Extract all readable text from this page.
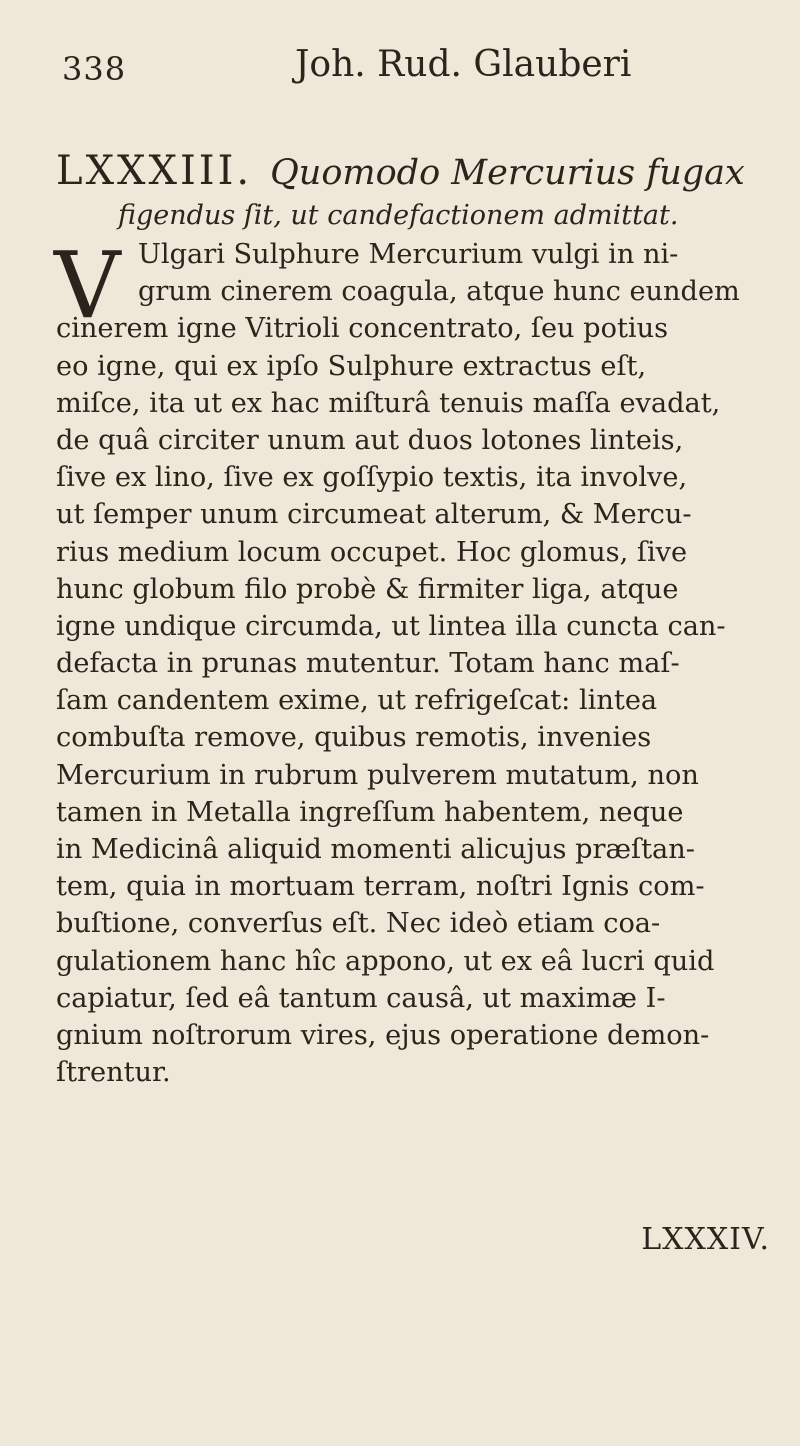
338	Joh. Rud. Glauberi
LXXXIII. Quomodo Mercurius fugax
figendus ſit, ut candefactionem admittat.
V Ulgari Sulphure Mercurium vulgi in ni-
grum cinerem coagula, atque hunc eundem
cinerem igne Vitrioli concentrato, ſeu potius
eo igne, qui ex ipſo Sulphure extractus eſt,
miſce, ita ut ex hac miſturâ tenuis maſſa evadat,
de quâ circiter unum aut duos lotones linteis,
ſive ex lino, ſive ex goſſypio textis, ita involve,
ut ſemper unum circumeat alterum, & Mercu-
rius medium locum occupet. Hoc glomus, ſive
hunc globum filo probè & firmiter liga, atque
igne undique circumda, ut lintea illa cuncta can-
defacta in prunas mutentur. Totam hanc maſ-
ſam candentem exime, ut refrigeſcat: lintea
combuſta remove, quibus remotis, invenies
Mercurium in rubrum pulverem mutatum, non
tamen in Metalla ingreſſum habentem, neque
in Medicinâ aliquid momenti alicujus præſtan-
tem, quia in mortuam terram, noſtri Ignis com-
buſtione, converſus eſt. Nec ideò etiam coa-
gulationem hanc hîc appono, ut ex eâ lucri quid
capiatur, ſed eâ tantum causâ, ut maximæ I-
gnium noſtrorum vires, ejus operatione demon-
ſtrentur.
LXXXIV.
